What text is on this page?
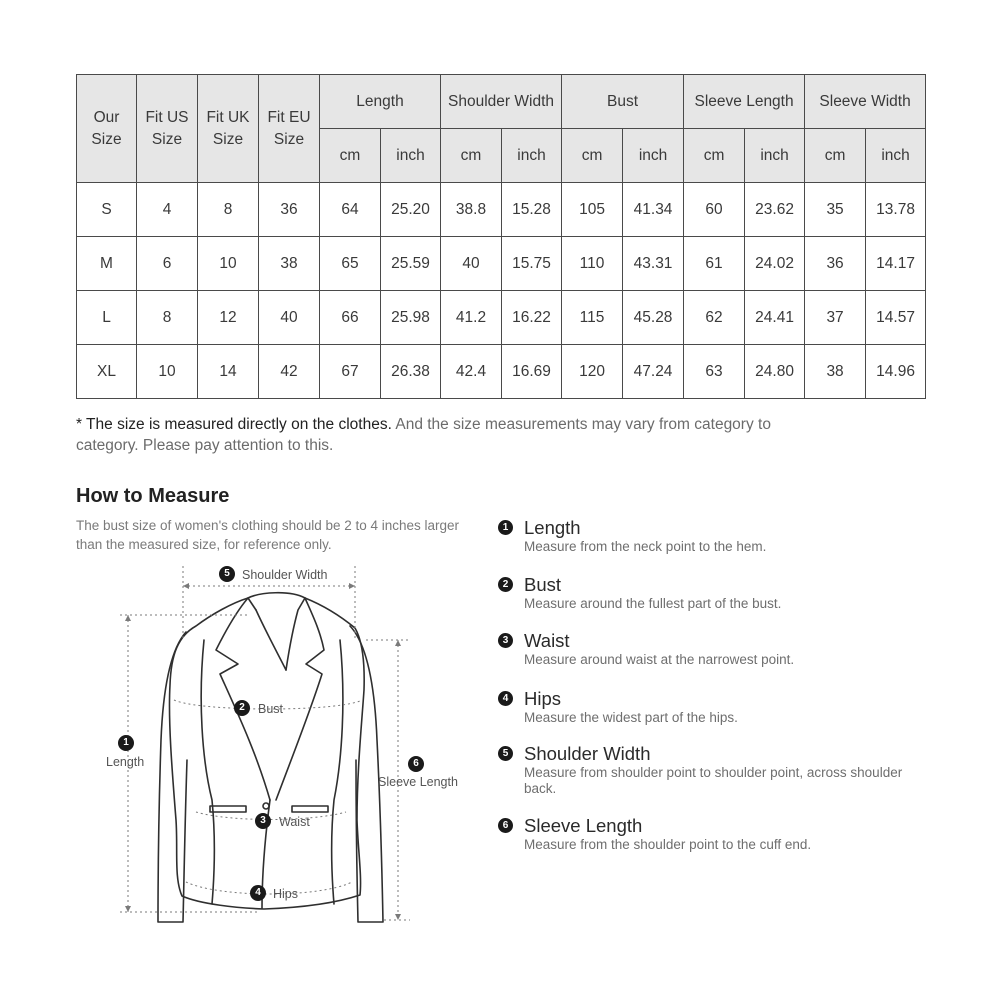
Our Size	Fit US Size	Fit UK Size	Fit EU Size	Length		Shoulder Width		Bust		Sleeve Length		Sleeve Width	
				cm	inch	cm	inch	cm	inch	cm	inch	cm	inch
S	4	8	36	64	25.20	38.8	15.28	105	41.34	60	23.62	35	13.78
M	6	10	38	65	25.59	40	15.75	110	43.31	61	24.02	36	14.17
L	8	12	40	66	25.98	41.2	16.22	115	45.28	62	24.41	37	14.57
XL	10	14	42	67	26.38	42.4	16.69	120	47.24	63	24.80	38	14.96
* The size is measured directly on the clothes. And the size measurements may vary from category to category. Please pay attention to this.
How to Measure
The bust size of women's clothing should be 2 to 4 inches larger than the measured size, for reference only.
5 Shoulder Width
2	Bust
1
Length	6
Sleeve Length
3	Waist
4 Hips
1 Length
Measure from the neck point to the hem.
2 Bust
Measure around the fullest part of the bust.
3 Waist
Measure around waist at the narrowest point.
4 Hips
Measure the widest part of the hips.
5 Shoulder Width
Measure from shoulder point to shoulder point, across shoulder back.
6 Sleeve Length
Measure from the shoulder point to the cuff end.
